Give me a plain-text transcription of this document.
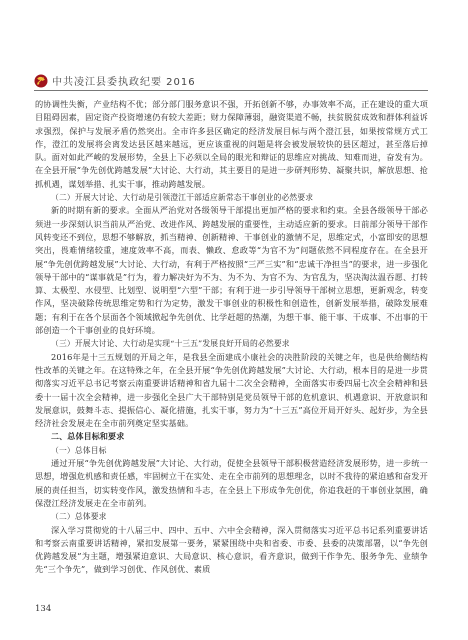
中共凌江县委执政纪要 2016

的协调性失衡，产业结构不优；部分部门服务意识不强，开拓创新不够，办事效率不高，正在建设的重大项目阻碍因素，固定资产投资增速仍有较大差距；财力保障薄弱，融资渠道不畅，扶贫脱贫成效和群体利益诉求强烈，保护与发展矛盾仍然突出。全市许多县区确定的经济发展目标与两个澄江县，如果按常规方式工作，澄江的发展将会离发达县区越来越远，更应该重视的问题是将会被发展较快的县区超过，甚至落后掉队。面对如此严峻的发展形势，全县上下必须以全局的眼光和辩证的思维应对挑战、知难而进，奋发有为。在全县开展“争先创优跨越发展”大讨论、大行动，其主要目的是进一步研判形势、凝聚共识，解放思想、抢抓机遇，谋划举措、扎实干事，推动跨越发展。

（二）开展大讨论、大行动是引领澄江干部适应新常态干事创业的必然要求

新的时期有新的要求。全面从严治党对各级领导干部提出更加严格的要求和约束。全县各级领导干部必须进一步深刻认识当前从严治党、改进作风、跨越发展的重要性，主动适应新的要求。日前部分领导干部作风转变还不到位，思想不够解放，抓当精神、创新精神、干事创业的激情不足，思维定式，小富即安的思想突出，畏难情绪较重，速度效率不高，而表、懒政、怠政等“为官不为”问题依然不同程度存在。在全县开展“争先创优跨越发展”大讨论、大行动，有利于严格按照“三严三实”和“忠诚干净担当”的要求，进一步强化领导干部中的“谋事就是”行为，着力解决好为不为、为不为、为官不为、为官乱为，坚决淘汰温吞愿、打转算、太极型、水侵型、比划型、说明型“六型”干部；有利于进一步引导领导干部树立思想，更新观念，转变作风，坚决破除传统思维定势和行为定势，激发干事创业的积极性和创造性，创新发展举措，破除发展难题；有利于在各个层面各个领域掀起争先创优、比学赶超的热潮，为想干事、能干事、干成事、不出事的干部创造一个干事创业的良好环境。

（三）开展大讨论、大行动是实现“十三五”发展良好开局的必然要求

2016年是十三五规划的开局之年，是我县全面建成小康社会的决胜阶段的关键之年，也是供给侧结构性改革的关键之年。在这特殊之年，在全县开展“争先创优跨越发展”大讨论、大行动，根本目的是进一步贯彻落实习近平总书记考察云南重要讲话精神和省九届十二次全会精神，全面落实市委四届七次全会精神和县委十一届十次全会精神，进一步强化全县广大干部特别是党员领导干部的危机意识、机遇意识、开放意识和发展意识，鼓舞斗志、提振信心、凝化措施，扎实干事，努力为“十三五”高位开局开好头、起好步，为全县经济社会发展走在全市前列奠定坚实基础。

二、总体目标和要求

（一）总体目标

通过开展“争先创优跨越发展”大讨论、大行动，促使全县领导干部积极营造经济发展形势，进一步统一思想，增强危机感和责任感，牢固树立干在实处、走在全市前列的思想理念，以时不我待的紧迫感和奋发开展的责任担当，切实转变作风，激发热情和斗志，在全县上下形成争先创优，你追我赶的干事创业氛围，确保澄江经济发展走在全市前列。

（二）总体要求

深入学习贯彻党的十八届三中、四中、五中、六中全会精神，深入贯彻落实习近平总书记系列重要讲话和考察云南重要讲话精神，紧扣发展第一要务，紧紧围绕中央和省委、市委、县委的决策部署，以“争先创优跨越发展”为主题，增强紧迫意识、大局意识、核心意识，看齐意识，做到干作争先、服务争先、业绩争先“三个争先”，做到学习创优、作风创优、素质

134
